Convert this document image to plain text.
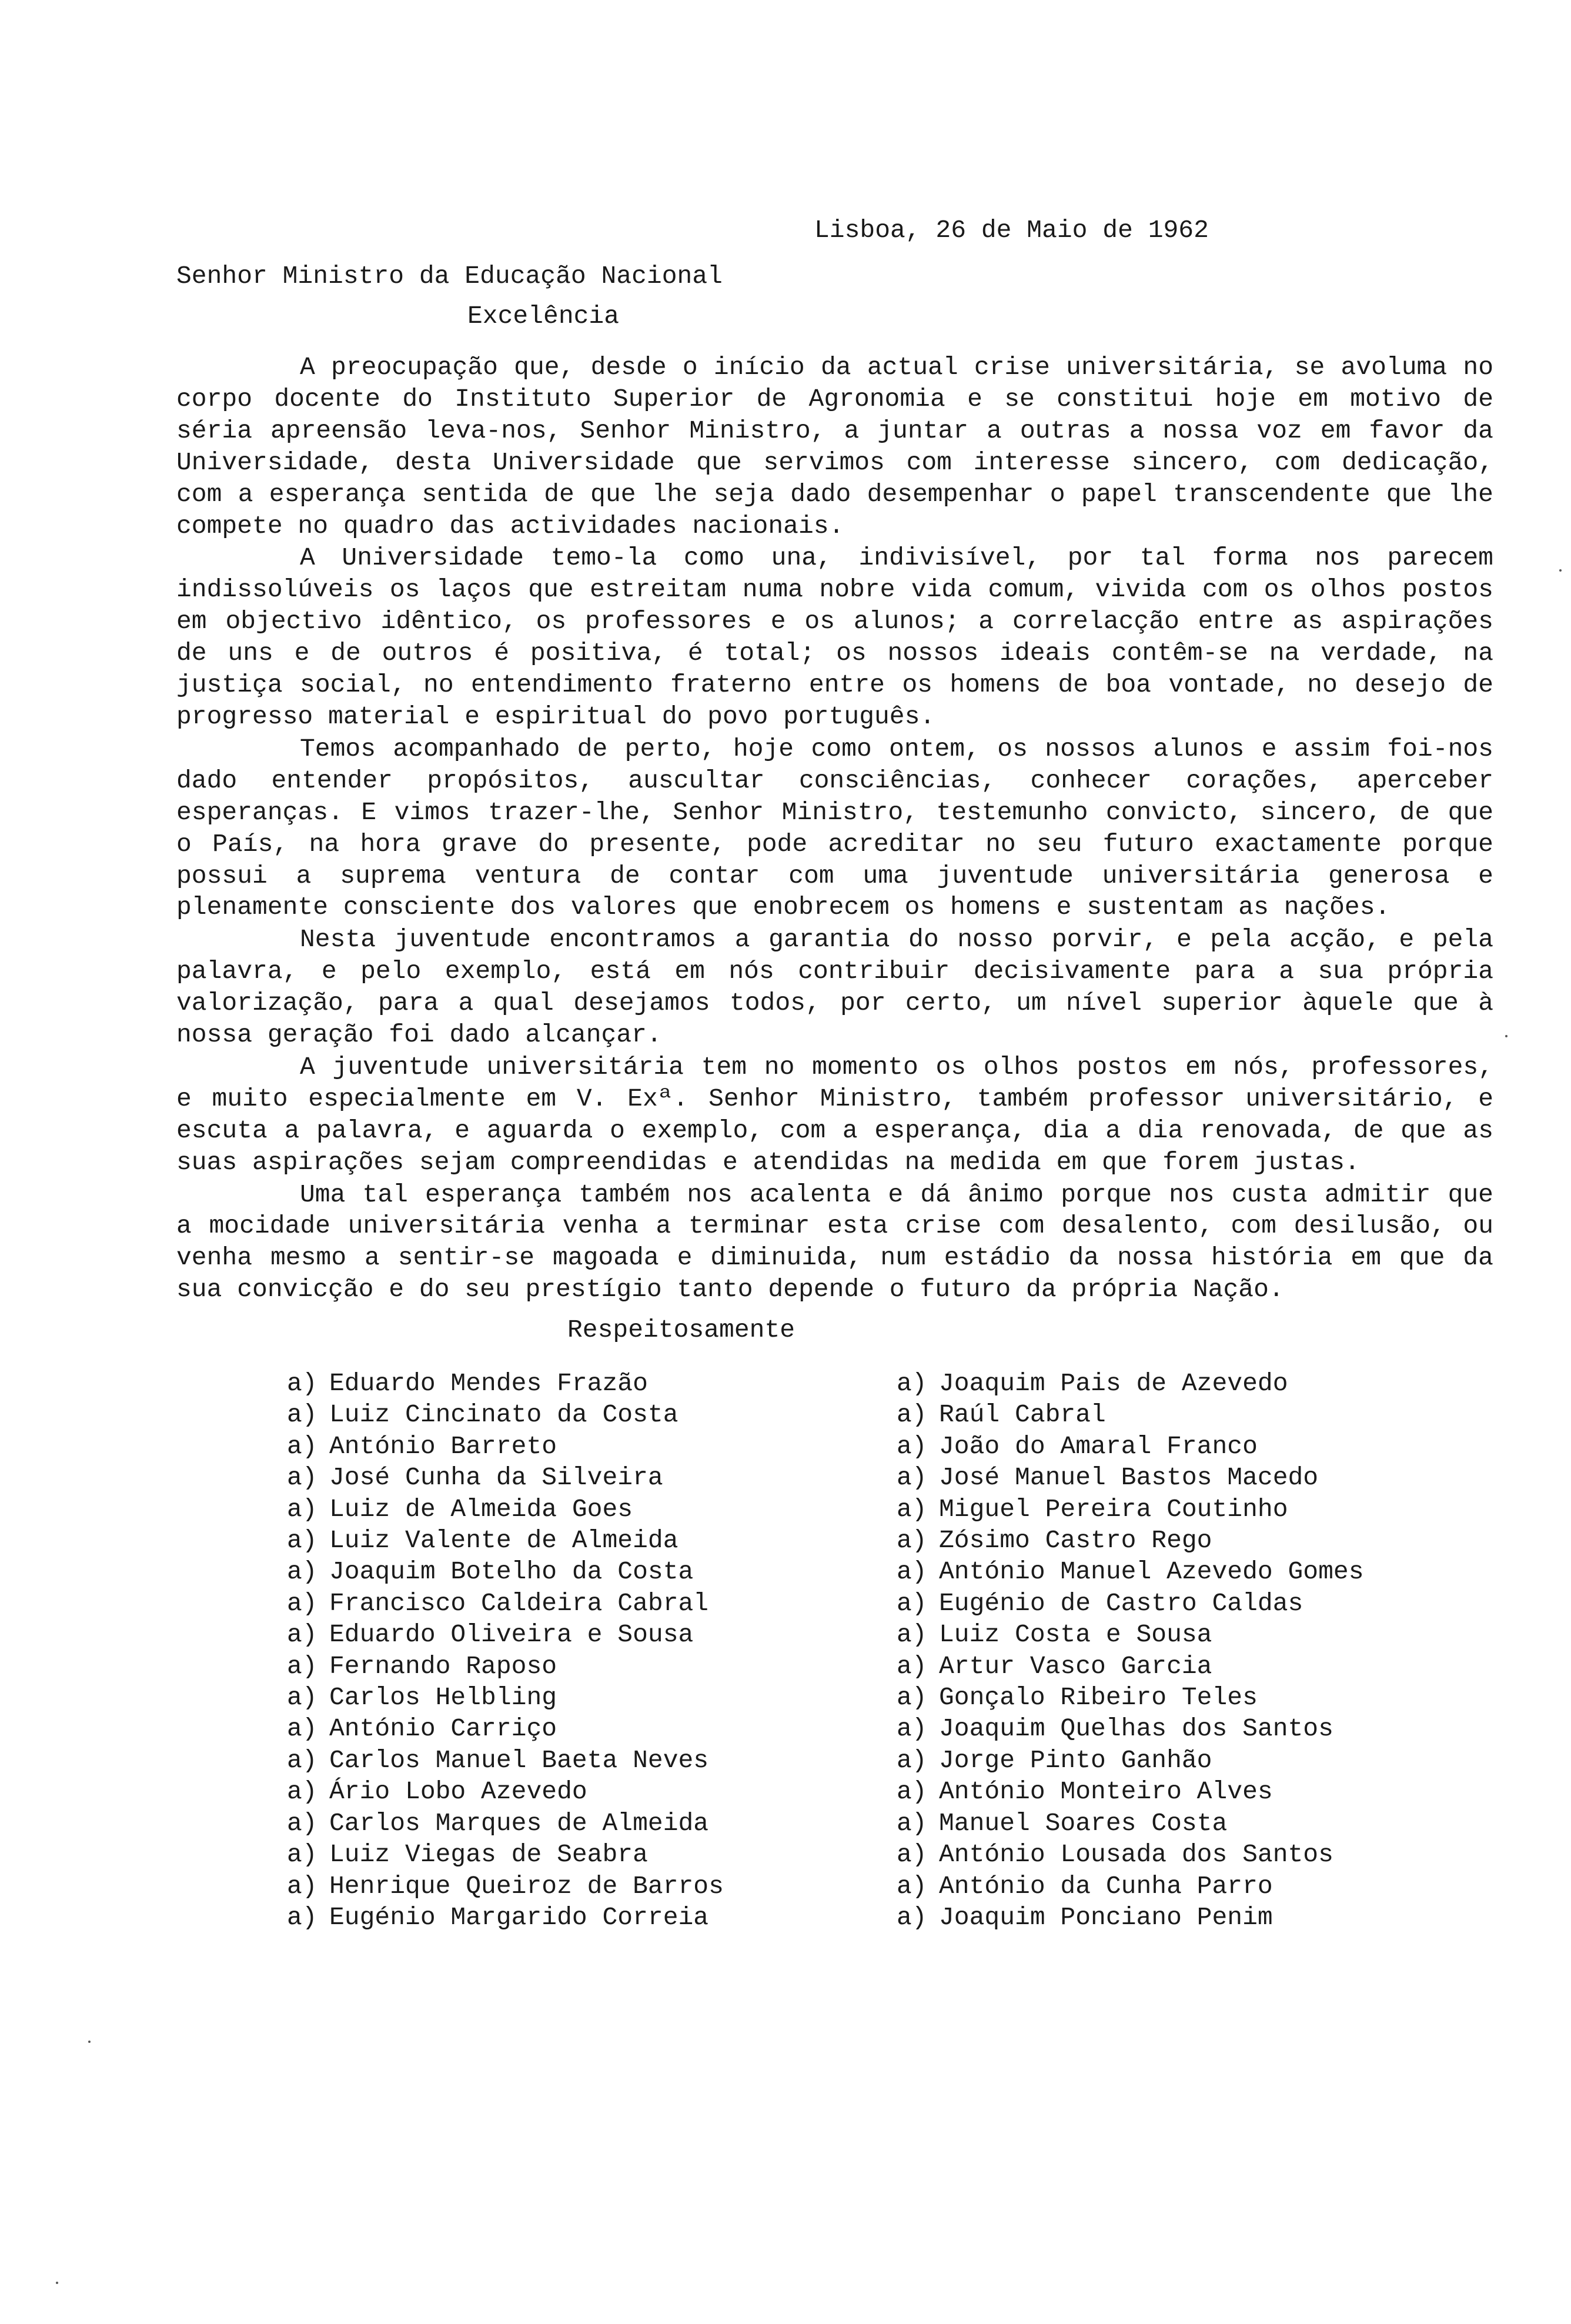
Lisboa, 26 de Maio de 1962
Senhor Ministro da Educação Nacional
Excelência

A preocupação que, desde o início da actual crise universitária, se avoluma no corpo docente do Instituto Superior de Agronomia e se constitui hoje em motivo de séria apreensão leva-nos, Senhor Ministro, a juntar a outras a nossa voz em favor da Universidade, desta Universidade que servimos com interesse sincero, com dedicação, com a esperança sentida de que lhe seja dado desempenhar o papel transcendente que lhe compete no quadro das actividades nacionais.

A Universidade temo-la como una, indivisível, por tal forma nos parecem indissolúveis os laços que estreitam numa nobre vida comum, vivida com os olhos postos em objectivo idêntico, os professores e os alunos; a correlacção entre as aspirações de uns e de outros é positiva, é total; os nossos ideais contêm-se na verdade, na justiça social, no entendimento fraterno entre os homens de boa vontade, no desejo de progresso material e espiritual do povo português.

Temos acompanhado de perto, hoje como ontem, os nossos alunos e assim foi-nos dado entender propósitos, auscultar consciências, conhecer corações, aperceber esperanças. E vimos trazer-lhe, Senhor Ministro, testemunho convicto, sincero, de que o País, na hora grave do presente, pode acreditar no seu futuro exactamente porque possui a suprema ventura de contar com uma juventude universitária generosa e plenamente consciente dos valores que enobrecem os homens e sustentam as nações.

Nesta juventude encontramos a garantia do nosso porvir, e pela acção, e pela palavra, e pelo exemplo, está em nós contribuir decisivamente para a sua própria valorização, para a qual desejamos todos, por certo, um nível superior àquele que à nossa geração foi dado alcançar.

A juventude universitária tem no momento os olhos postos em nós, professores, e muito especialmente em V. Exª. Senhor Ministro, também professor universitário, e escuta a palavra, e aguarda o exemplo, com a esperança, dia a dia renovada, de que as suas aspirações sejam compreendidas e atendidas na medida em que forem justas.

Uma tal esperança também nos acalenta e dá ânimo porque nos custa admitir que a mocidade universitária venha a terminar esta crise com desalento, com desilusão, ou venha mesmo a sentir-se magoada e diminuida, num estádio da nossa história em que da sua convicção e do seu prestígio tanto depende o futuro da própria Nação.

Respeitosamente
a) Eduardo Mendes Frazão
a) Luiz Cincinato da Costa
a) António Barreto
a) José Cunha da Silveira
a) Luiz de Almeida Goes
a) Luiz Valente de Almeida
a) Joaquim Botelho da Costa
a) Francisco Caldeira Cabral
a) Eduardo Oliveira e Sousa
a) Fernando Raposo
a) Carlos Helbling
a) António Carriço
a) Carlos Manuel Baeta Neves
a) Ário Lobo Azevedo
a) Carlos Marques de Almeida
a) Luiz Viegas de Seabra
a) Henrique Queiroz de Barros
a) Eugénio Margarido Correia
a) Joaquim Pais de Azevedo
a) Raúl Cabral
a) João do Amaral Franco
a) José Manuel Bastos Macedo
a) Miguel Pereira Coutinho
a) Zósimo Castro Rego
a) António Manuel Azevedo Gomes
a) Eugénio de Castro Caldas
a) Luiz Costa e Sousa
a) Artur Vasco Garcia
a) Gonçalo Ribeiro Teles
a) Joaquim Quelhas dos Santos
a) Jorge Pinto Ganhão
a) António Monteiro Alves
a) Manuel Soares Costa
a) António Lousada dos Santos
a) António da Cunha Parro
a) Joaquim Ponciano Penim
